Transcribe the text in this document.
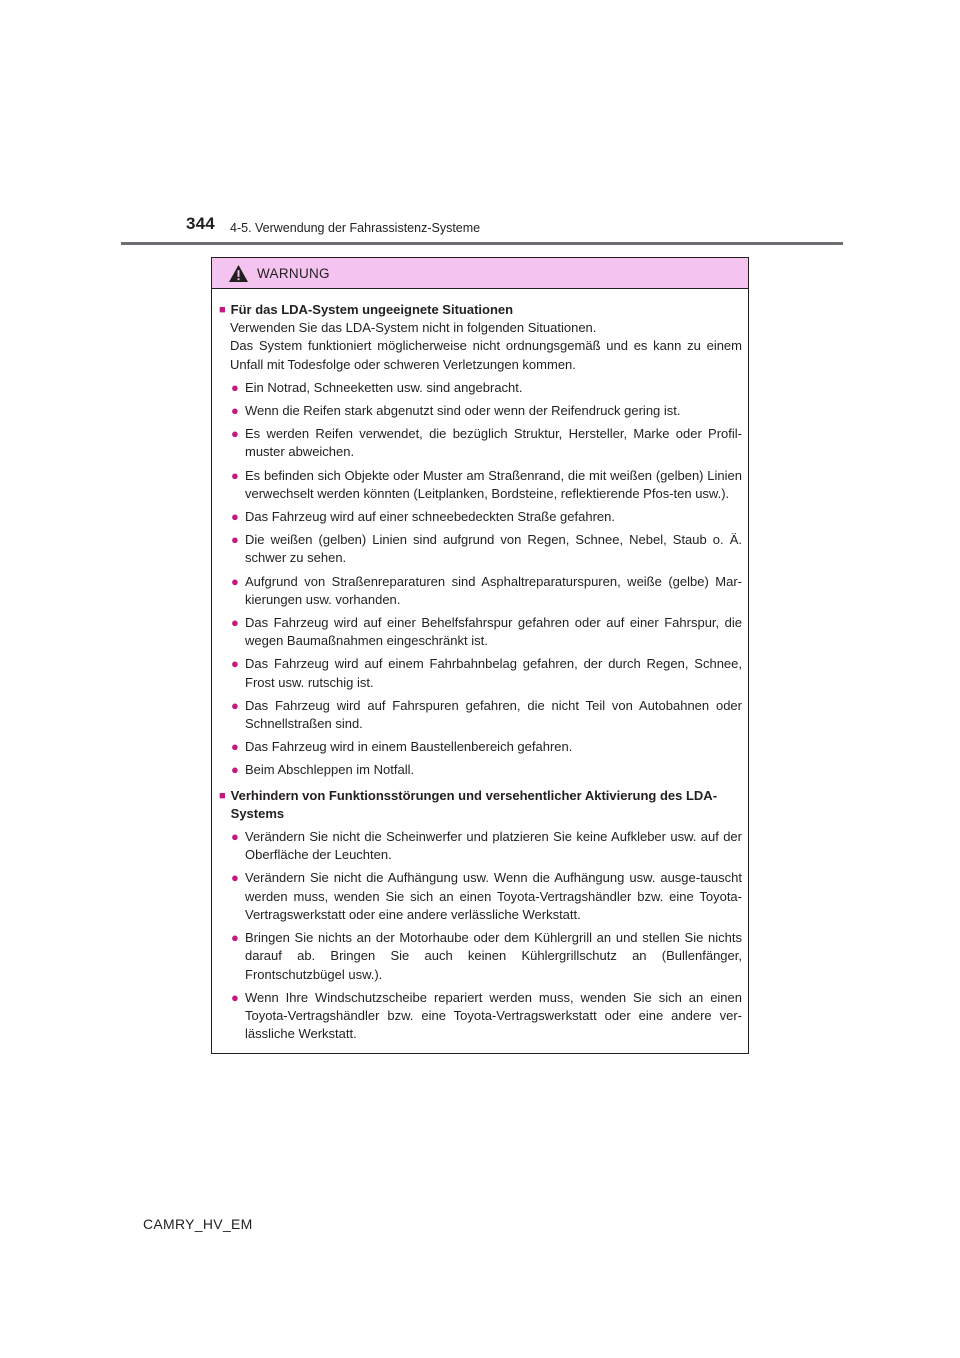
344 4-5. Verwendung der Fahrassistenz-Systeme
WARNUNG
■ Für das LDA-System ungeeignete Situationen

Verwenden Sie das LDA-System nicht in folgenden Situationen.

Das System funktioniert möglicherweise nicht ordnungsgemäß und es kann zu einem Unfall mit Todesfolge oder schweren Verletzungen kommen.

● Ein Notrad, Schneeketten usw. sind angebracht.
● Wenn die Reifen stark abgenutzt sind oder wenn der Reifendruck gering ist.
● Es werden Reifen verwendet, die bezüglich Struktur, Hersteller, Marke oder Profil-muster abweichen.
● Es befinden sich Objekte oder Muster am Straßenrand, die mit weißen (gelben) Linien verwechselt werden könnten (Leitplanken, Bordsteine, reflektierende Pfos-ten usw.).
● Das Fahrzeug wird auf einer schneebedeckten Straße gefahren.
● Die weißen (gelben) Linien sind aufgrund von Regen, Schnee, Nebel, Staub o. Ä. schwer zu sehen.
● Aufgrund von Straßenreparaturen sind Asphaltreparaturspuren, weiße (gelbe) Mar-kierungen usw. vorhanden.
● Das Fahrzeug wird auf einer Behelfsfahrspur gefahren oder auf einer Fahrspur, die wegen Baumaßnahmen eingeschränkt ist.
● Das Fahrzeug wird auf einem Fahrbahnbelag gefahren, der durch Regen, Schnee, Frost usw. rutschig ist.
● Das Fahrzeug wird auf Fahrspuren gefahren, die nicht Teil von Autobahnen oder Schnellstraßen sind.
● Das Fahrzeug wird in einem Baustellenbereich gefahren.
● Beim Abschleppen im Notfall.
■ Verhindern von Funktionsstörungen und versehentlicher Aktivierung des LDA-Systems
● Verändern Sie nicht die Scheinwerfer und platzieren Sie keine Aufkleber usw. auf der Oberfläche der Leuchten.
● Verändern Sie nicht die Aufhängung usw. Wenn die Aufhängung usw. ausge-tauscht werden muss, wenden Sie sich an einen Toyota-Vertragshändler bzw. eine Toyota-Vertragswerkstatt oder eine andere verlässliche Werkstatt.
● Bringen Sie nichts an der Motorhaube oder dem Kühlergrill an und stellen Sie nichts darauf ab. Bringen Sie auch keinen Kühlergrillschutz an (Bullenfänger, Frontschutzbügel usw.).
● Wenn Ihre Windschutzscheibe repariert werden muss, wenden Sie sich an einen Toyota-Vertragshändler bzw. eine Toyota-Vertragswerkstatt oder eine andere ver-lässliche Werkstatt.
CAMRY_HV_EM
